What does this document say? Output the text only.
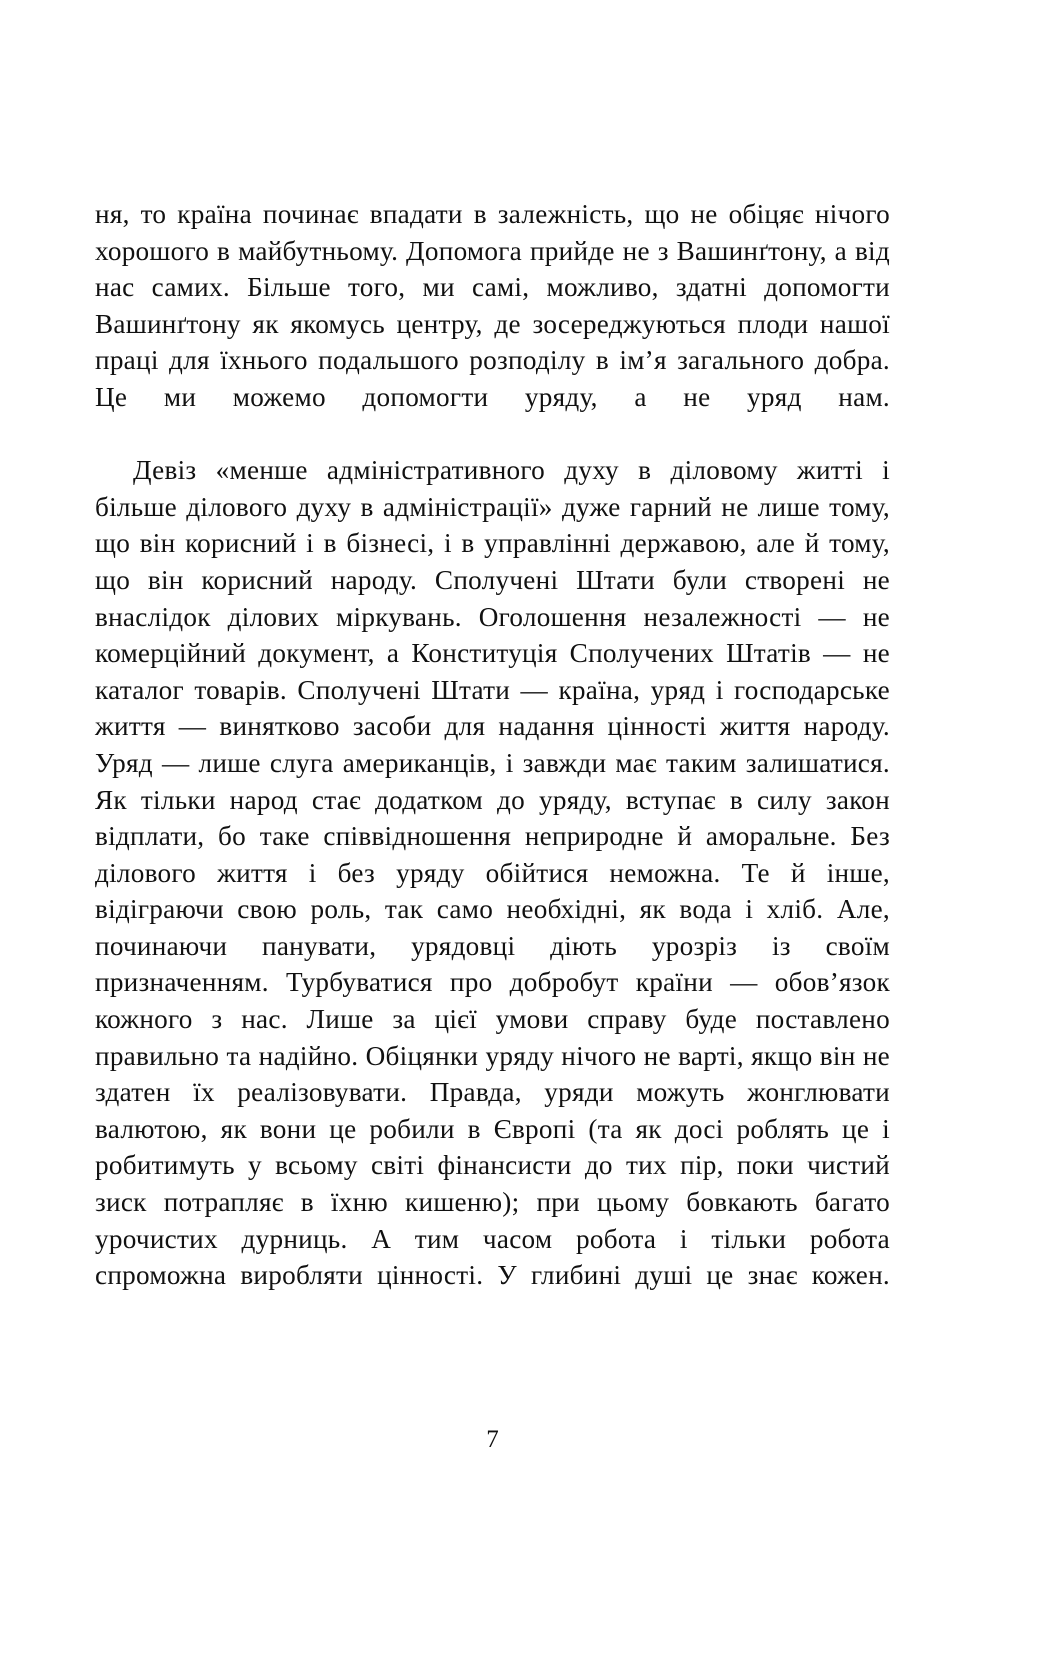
ня, то країна починає впадати в залежність, що не обіцяє нічого хорошого в майбутньому. Допомога прийде не з Вашинґтону, а від нас самих. Більше того, ми самі, можливо, здатні допомогти Вашинґтону як якомусь центру, де зосереджуються плоди нашої праці для їхнього подальшого розподілу в ім’я загального добра. Це ми можемо допомогти уряду, а не уряд нам.

Девіз «менше адміністративного духу в діловому житті і більше ділового духу в адміністрації» дуже гарний не лише тому, що він корисний і в бізнесі, і в управлінні державою, але й тому, що він корисний народу. Сполучені Штати були створені не внаслідок ділових міркувань. Оголошення незалежності — не комерційний документ, а Конституція Сполучених Штатів — не каталог товарів. Сполучені Штати — країна, уряд і господарське життя — винятково засоби для надання цінності життя народу. Уряд — лише слуга американців, і завжди має таким залишатися. Як тільки народ стає додатком до уряду, вступає в силу закон відплати, бо таке співвідношення неприродне й аморальне. Без ділового життя і без уряду обійтися неможна. Те й інше, відіграючи свою роль, так само необхідні, як вода і хліб. Але, починаючи панувати, урядовці діють урозріз із своїм призначенням. Турбуватися про добробут країни — обов’язок кожного з нас. Лише за цієї умови справу буде поставлено правильно та надійно. Обіцянки уряду нічого не варті, якщо він не здатен їх реалізовувати. Правда, уряди можуть жонглювати валютою, як вони це робили в Європі (та як досі роблять це і робитимуть у всьому світі фінансисти до тих пір, поки чистий зиск потрапляє в їхню кишеню); при цьому бовкають багато урочистих дурниць. А тим часом робота і тільки робота спроможна виробляти цінності. У глибині душі це знає кожен.

7
